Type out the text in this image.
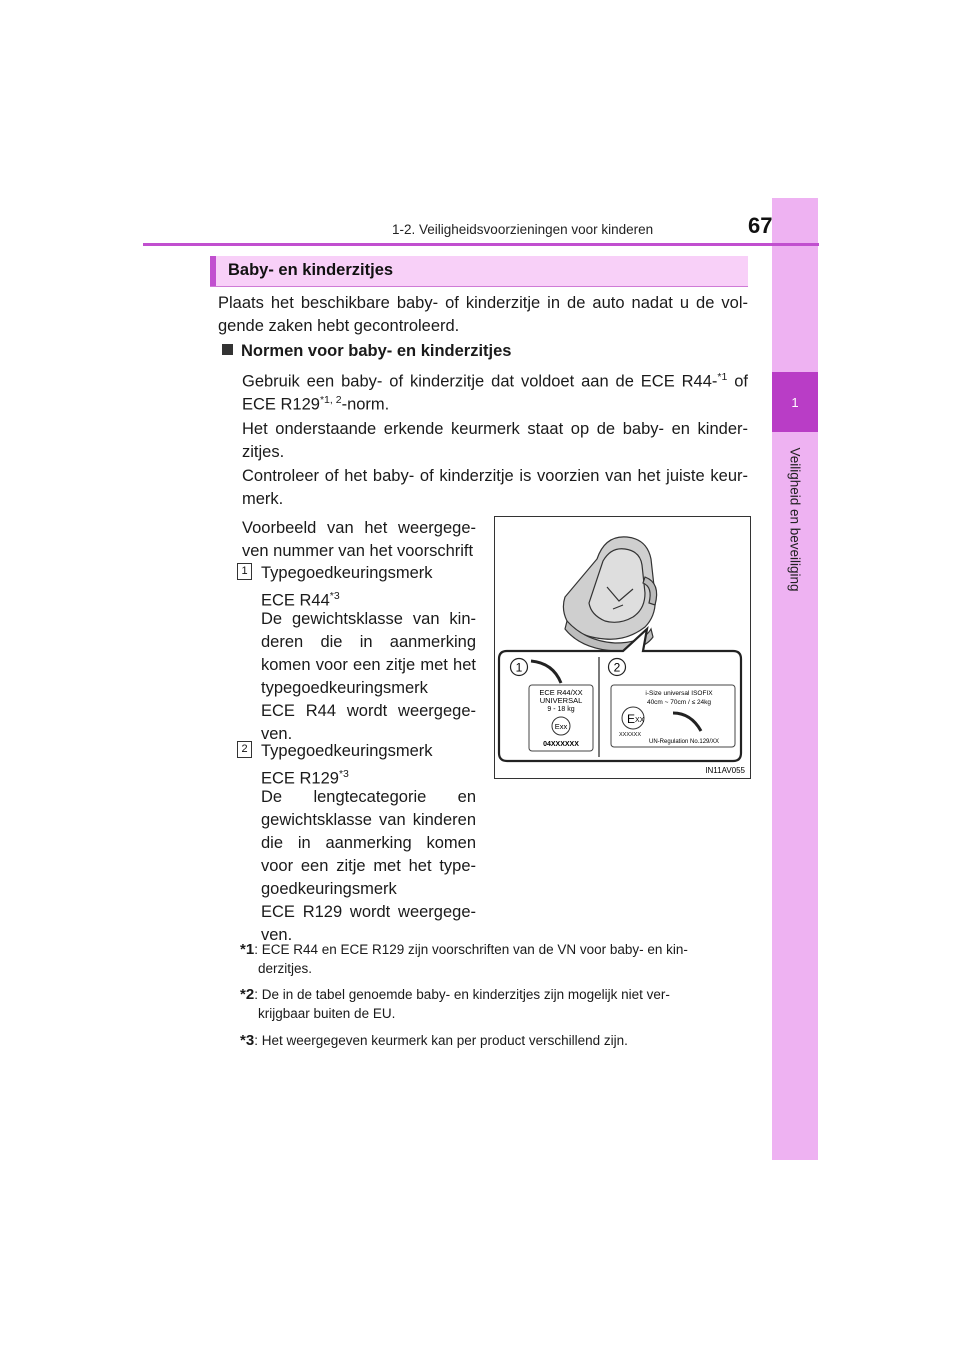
1
Veiligheid en beveiliging
1-2. Veiligheidsvoorzieningen voor kinderen	67
Baby- en kinderzitjes
Plaats het beschikbare baby- of kinderzitje in de auto nadat u de vol-
gende zaken hebt gecontroleerd.
Normen voor baby- en kinderzitjes
Gebruik een baby- of kinderzitje dat voldoet aan de ECE R44-$^{*1}$ of
ECE R129$^{*1, 2}$-norm.
Het onderstaande erkende keurmerk staat op de baby- en kinder-
zitjes.
Controleer of het baby- of kinderzitje is voorzien van het juiste keur-
merk.
Voorbeeld van het weergege-
ven nummer van het voorschrift
1 Typegoedkeuringsmerk
ECE R44$^{*3}$
De gewichtsklasse van kin-
deren die in aanmerking
komen voor een zitje met het
typegoedkeuringsmerk
ECE R44 wordt weergege-
ven.
2 Typegoedkeuringsmerk
ECE R129$^{*3}$
De lengtecategorie en
gewichtsklasse van kinderen
die in aanmerking komen
voor een zitje met het type-
goedkeuringsmerk
ECE R129 wordt weergege-
ven.
1	2
ECE R44/XX
UNIVERSAL
9 - 18 kg
Exx
04XXXXXX
i-Size universal ISOFIX
40cm ~ 70cm / ≤ 24kg
E XX
XXXXXX
UN-Regulation No.129/XX
IN11AV055
*1: ECE R44 en ECE R129 zijn voorschriften van de VN voor baby- en kin-
derzitjes.
*2: De in de tabel genoemde baby- en kinderzitjes zijn mogelijk niet ver-
krijgbaar buiten de EU.
*3: Het weergegeven keurmerk kan per product verschillend zijn.
